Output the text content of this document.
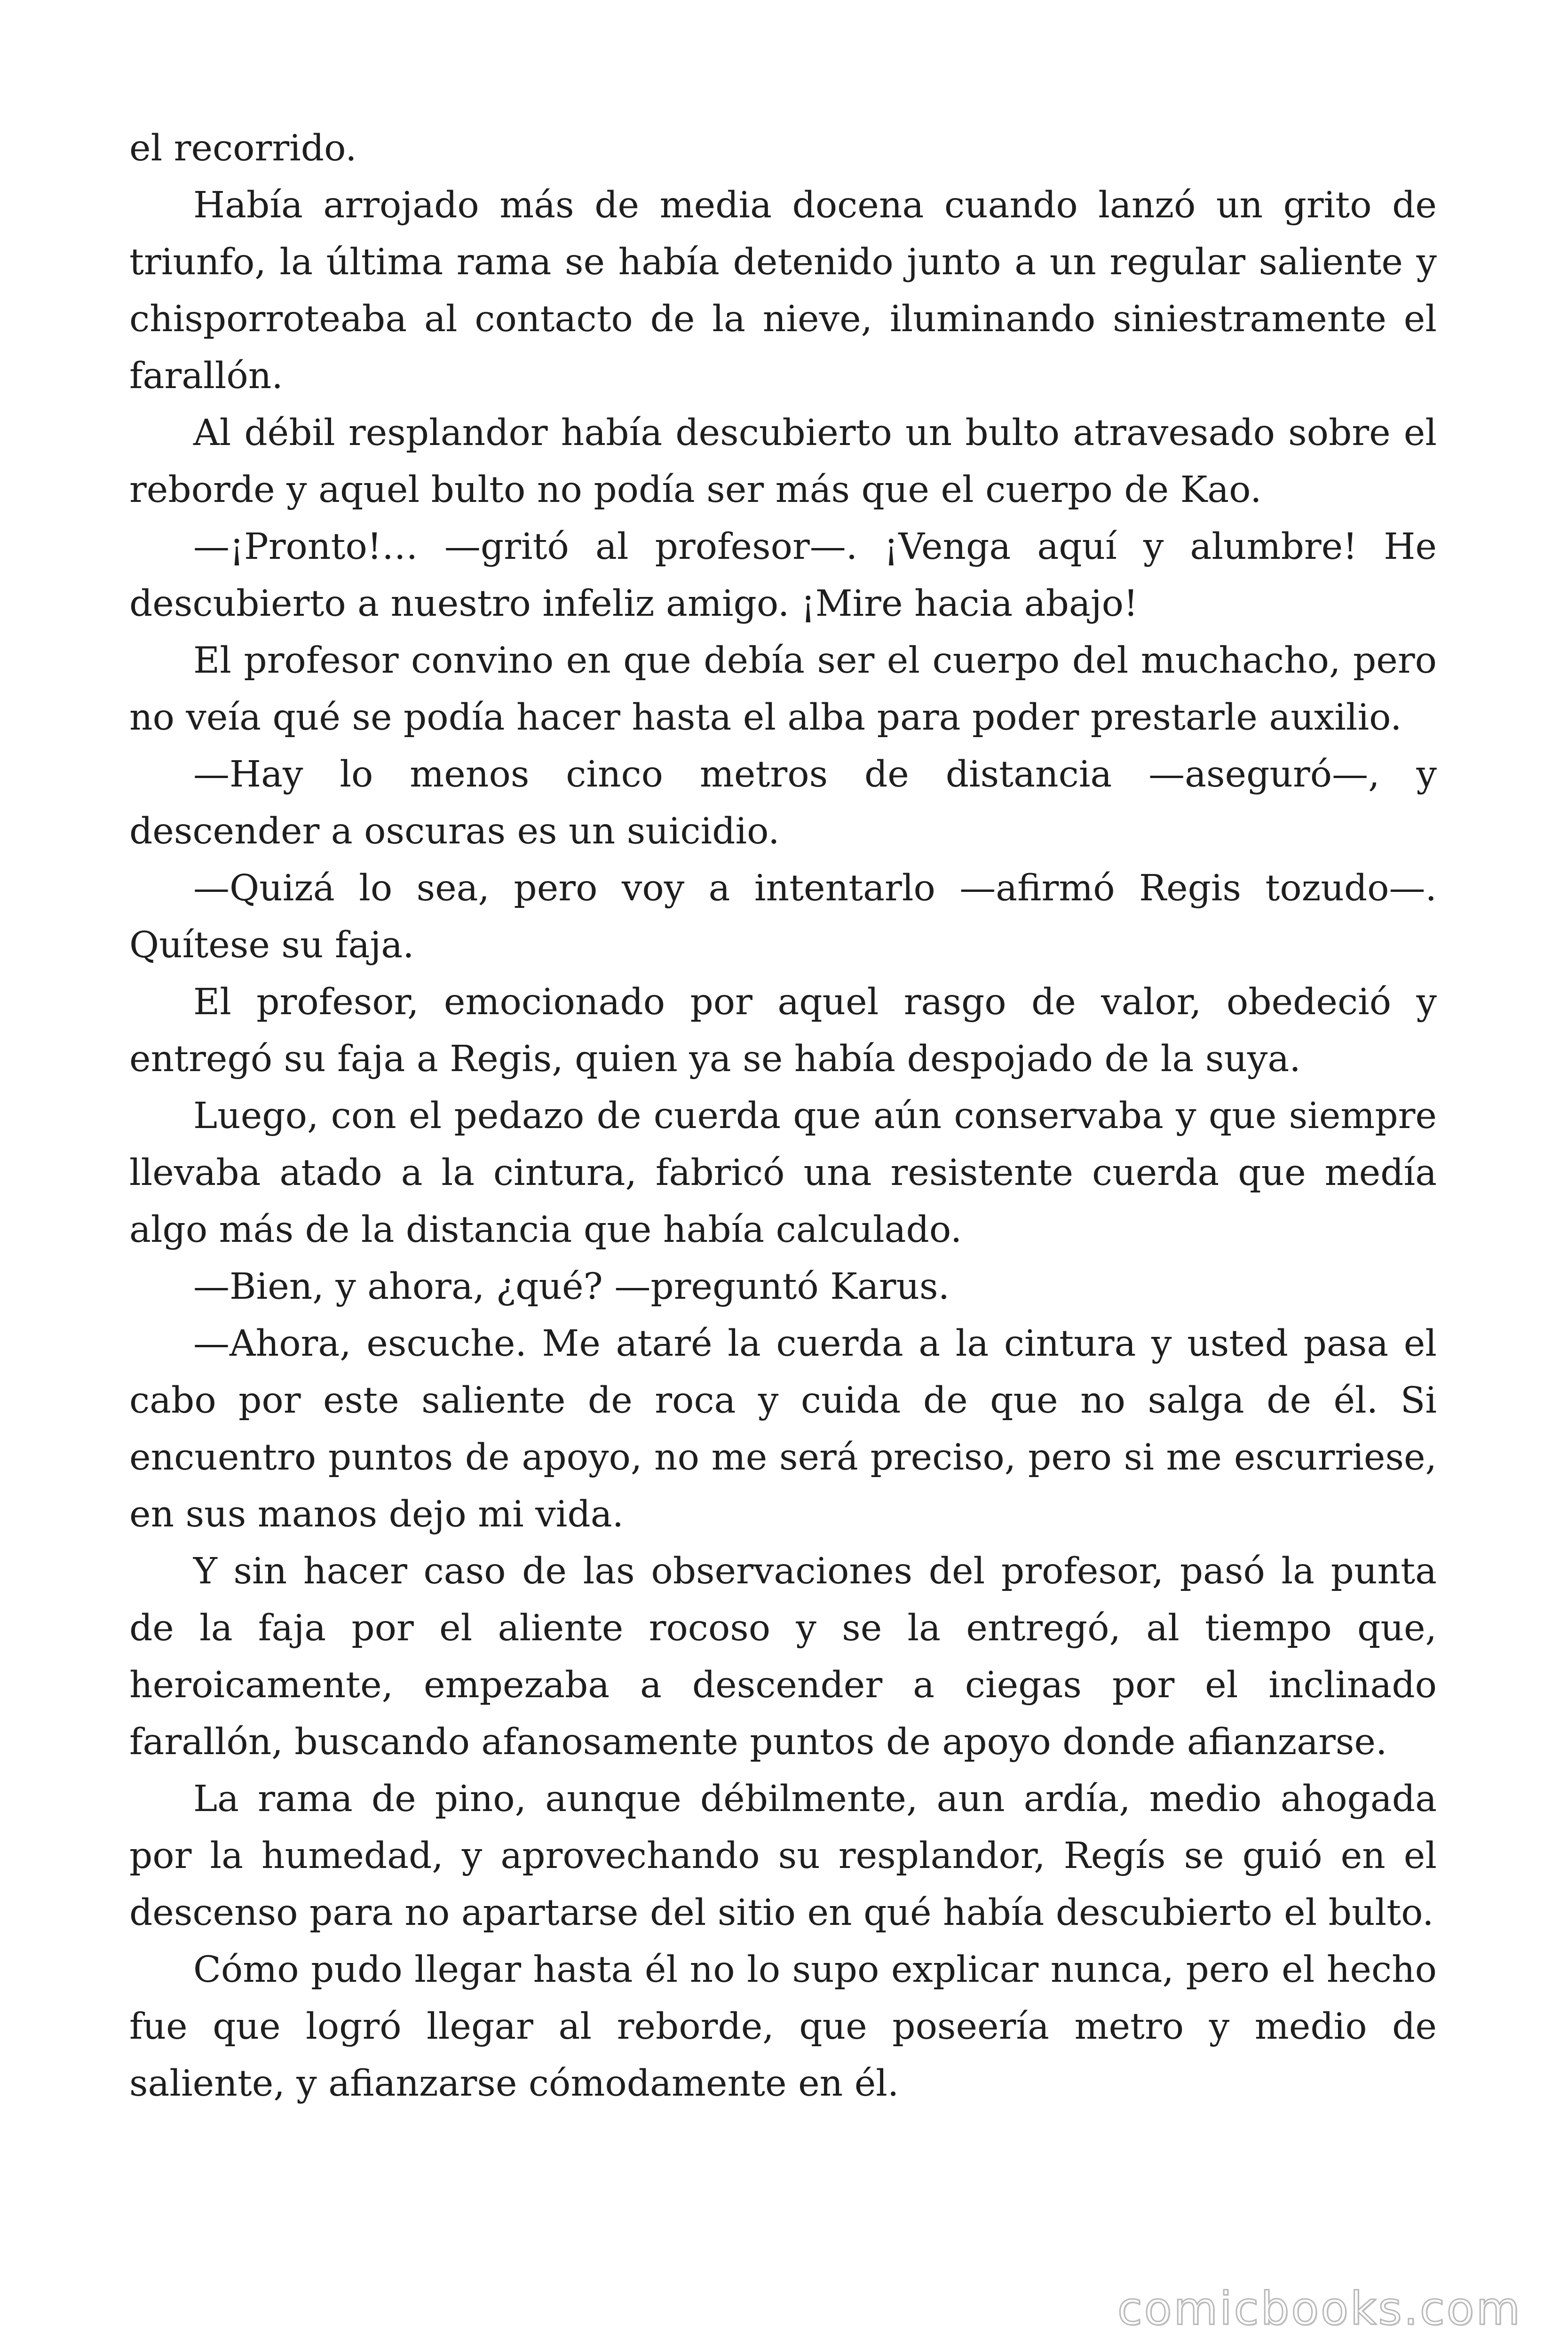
el recorrido.

Había arrojado más de media docena cuando lanzó un grito de triunfo, la última rama se había detenido junto a un regular saliente y chisporroteaba al contacto de la nieve, iluminando siniestramente el farallón.

Al débil resplandor había descubierto un bulto atravesado sobre el reborde y aquel bulto no podía ser más que el cuerpo de Kao.

—¡Pronto!… —gritó al profesor—. ¡Venga aquí y alumbre! He descubierto a nuestro infeliz amigo. ¡Mire hacia abajo!

El profesor convino en que debía ser el cuerpo del muchacho, pero no veía qué se podía hacer hasta el alba para poder prestarle auxilio.

—Hay lo menos cinco metros de distancia —aseguró—, y descender a oscuras es un suicidio.

—Quizá lo sea, pero voy a intentarlo —afirmó Regis tozudo—. Quítese su faja.

El profesor, emocionado por aquel rasgo de valor, obedeció y entregó su faja a Regis, quien ya se había despojado de la suya.

Luego, con el pedazo de cuerda que aún conservaba y que siempre llevaba atado a la cintura, fabricó una resistente cuerda que medía algo más de la distancia que había calculado.

—Bien, y ahora, ¿qué? —preguntó Karus.

—Ahora, escuche. Me ataré la cuerda a la cintura y usted pasa el cabo por este saliente de roca y cuida de que no salga de él. Si encuentro puntos de apoyo, no me será preciso, pero si me escurriese, en sus manos dejo mi vida.

Y sin hacer caso de las observaciones del profesor, pasó la punta de la faja por el aliente rocoso y se la entregó, al tiempo que, heroicamente, empezaba a descender a ciegas por el inclinado farallón, buscando afanosamente puntos de apoyo donde afianzarse.

La rama de pino, aunque débilmente, aun ardía, medio ahogada por la humedad, y aprovechando su resplandor, Regís se guió en el descenso para no apartarse del sitio en qué había descubierto el bulto.

Cómo pudo llegar hasta él no lo supo explicar nunca, pero el hecho fue que logró llegar al reborde, que poseería metro y medio de saliente, y afianzarse cómodamente en él.

comicbooks.com
